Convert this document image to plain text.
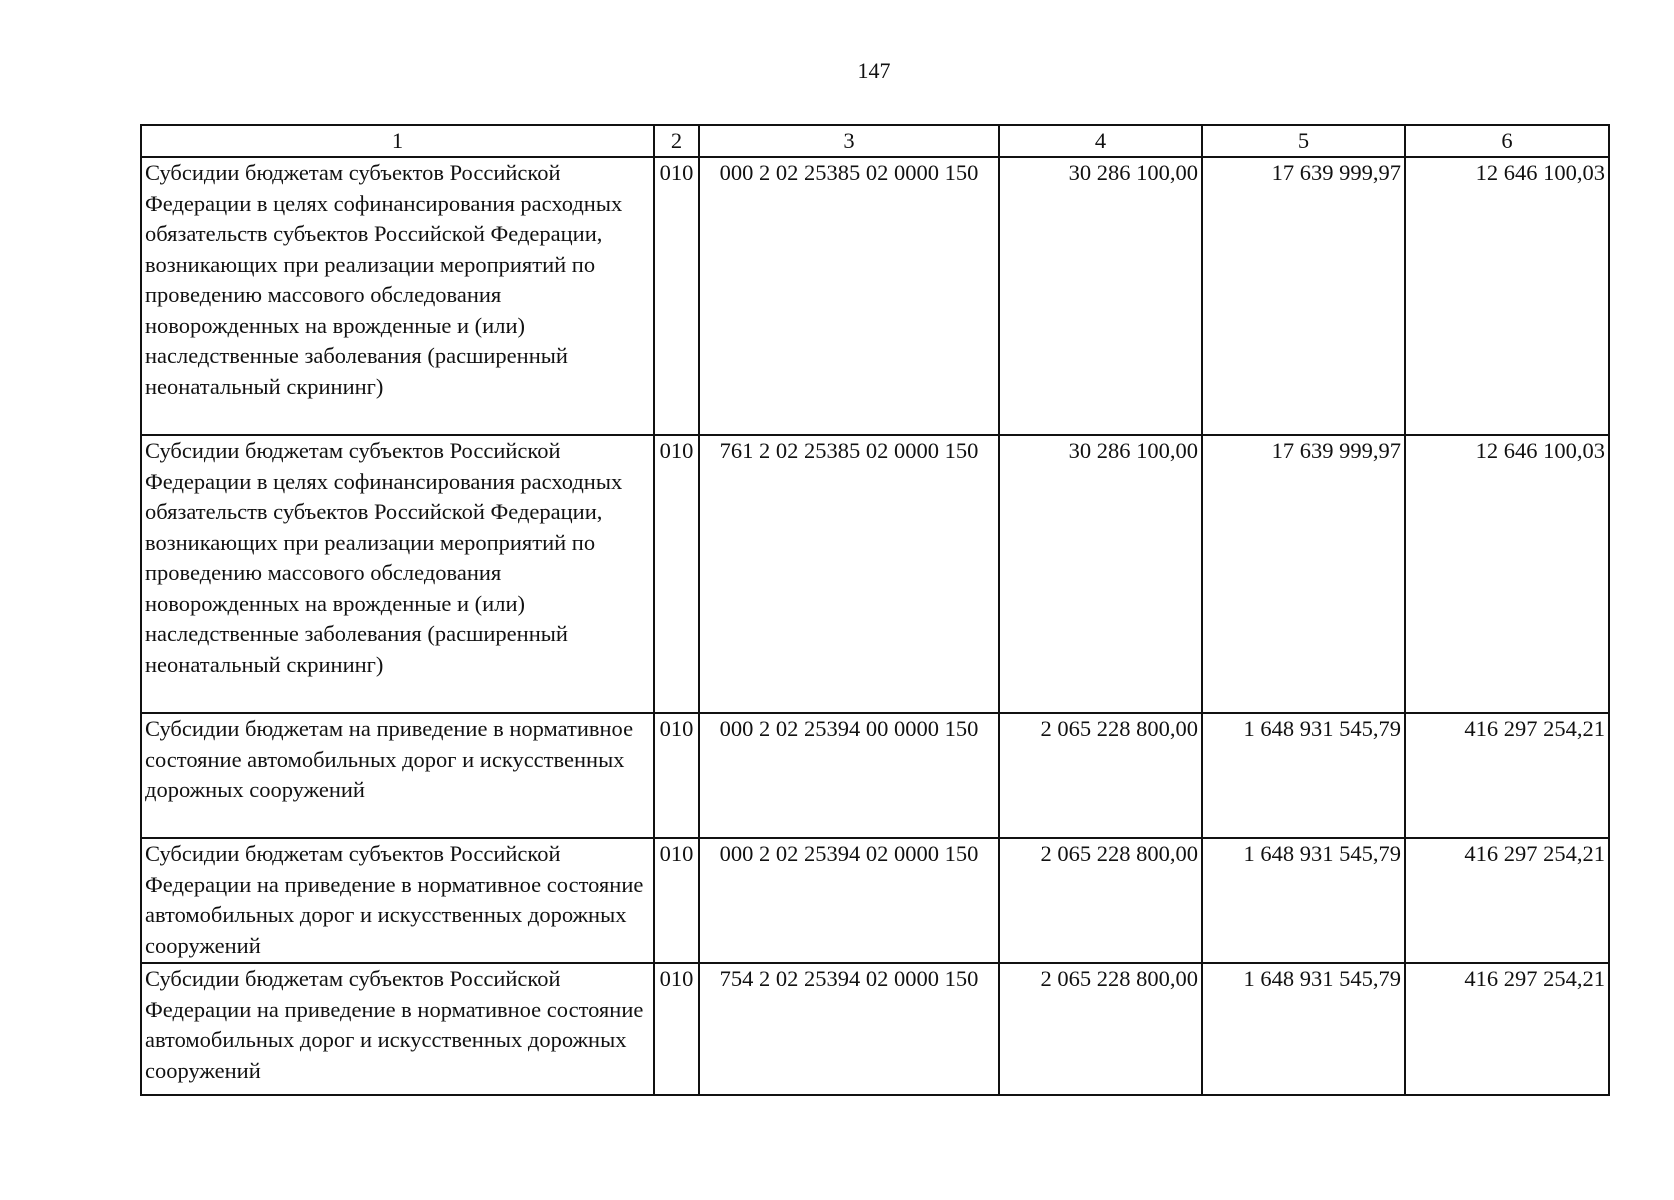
147
1	2	3	4	5	6
Субсидии бюджетам субъектов Российской Федерации в целях софинансирования расходных обязательств субъектов Российской Федерации, возникающих при реализации мероприятий по проведению массового обследования новорожденных на врожденные и (или) наследственные заболевания (расширенный неонатальный скрининг)	010	000 2 02 25385 02 0000 150	30 286 100,00	17 639 999,97	12 646 100,03
Субсидии бюджетам субъектов Российской Федерации в целях софинансирования расходных обязательств субъектов Российской Федерации, возникающих при реализации мероприятий по проведению массового обследования новорожденных на врожденные и (или) наследственные заболевания (расширенный неонатальный скрининг)	010	761 2 02 25385 02 0000 150	30 286 100,00	17 639 999,97	12 646 100,03
Субсидии бюджетам на приведение в нормативное состояние автомобильных дорог и искусственных дорожных сооружений	010	000 2 02 25394 00 0000 150	2 065 228 800,00	1 648 931 545,79	416 297 254,21
Субсидии бюджетам субъектов Российской Федерации на приведение в нормативное состояние автомобильных дорог и искусственных дорожных сооружений	010	000 2 02 25394 02 0000 150	2 065 228 800,00	1 648 931 545,79	416 297 254,21
Субсидии бюджетам субъектов Российской Федерации на приведение в нормативное состояние автомобильных дорог и искусственных дорожных сооружений	010	754 2 02 25394 02 0000 150	2 065 228 800,00	1 648 931 545,79	416 297 254,21
